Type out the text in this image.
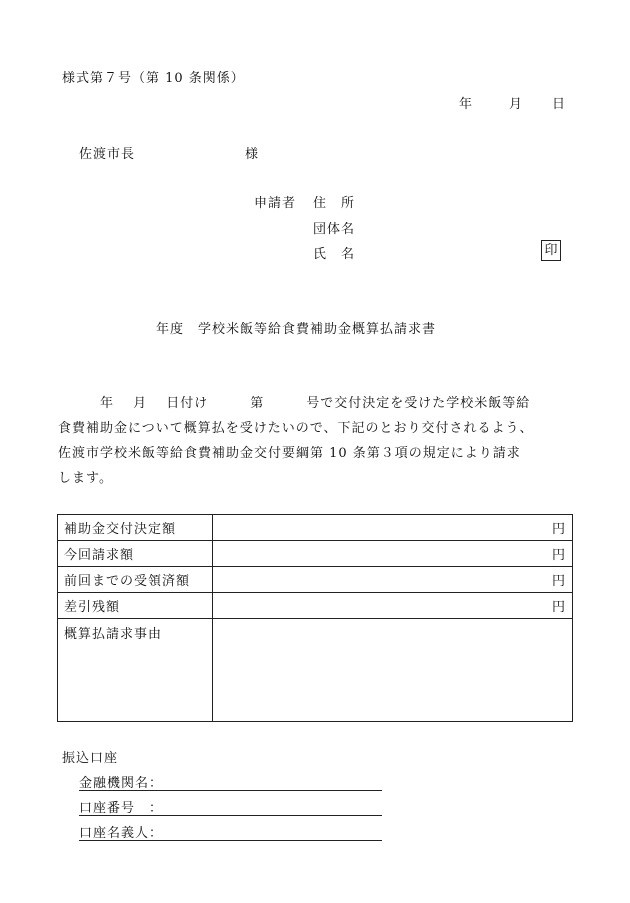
様式第７号（第 10 条関係）
年	月 日
佐渡市長	様
申請者 住　所
団体名
氏　名	印
年度　学校米飯等給食費補助金概算払請求書
　　　年　 月　 日付け　　　第　　　号で交付決定を受けた学校米飯等給
食費補助金について概算払を受けたいので、下記のとおり交付されるよう、
佐渡市学校米飯等給食費補助金交付要綱第 10 条第３項の規定により請求
します。
補助金交付決定額	円
今回請求額	円
前回までの受領済額	円
差引残額	円
概算払請求事由	
振込口座
金融機関名：
口座番号　：
口座名義人：
